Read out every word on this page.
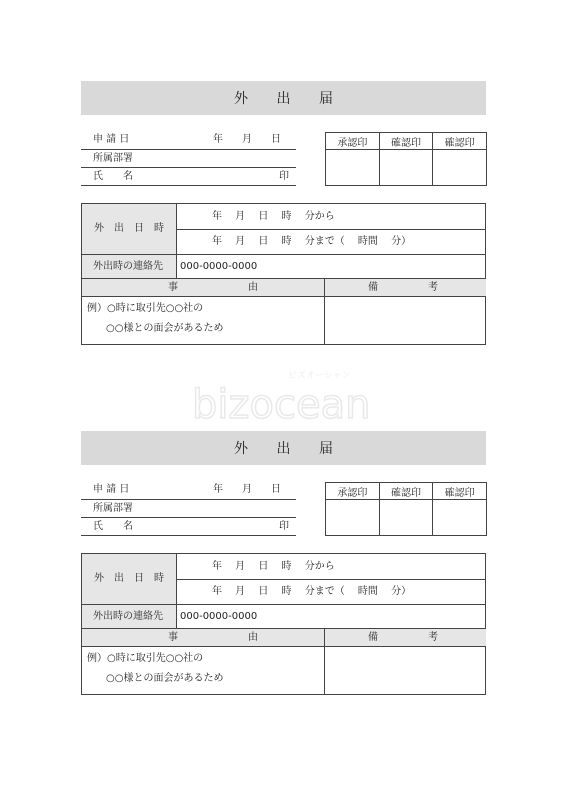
外 出 届
申 請 日	年 月 日
所属部署
氏　　名	印
承認印	確認印	確認印

外　出　日　時
年　 月　 日　 時　 分から
年　 月　 日　 時　 分まで（　 時間　 分）
外出時の連絡先 000-0000-0000
事　　　　　　　由	備　　　　　考
例）○時に取引先○○社の
○○様との面会があるため
外 出 届
申 請 日	年 月 日
所属部署
氏　　名	印
承認印	確認印	確認印

外　出　日　時
年　 月　 日　 時　 分から
年　 月　 日　 時　 分まで（　 時間　 分）
外出時の連絡先 000-0000-0000
事　　　　　　　由	備　　　　　考
例）○時に取引先○○社の
○○様との面会があるため
ビズオーシャン
bizocean
